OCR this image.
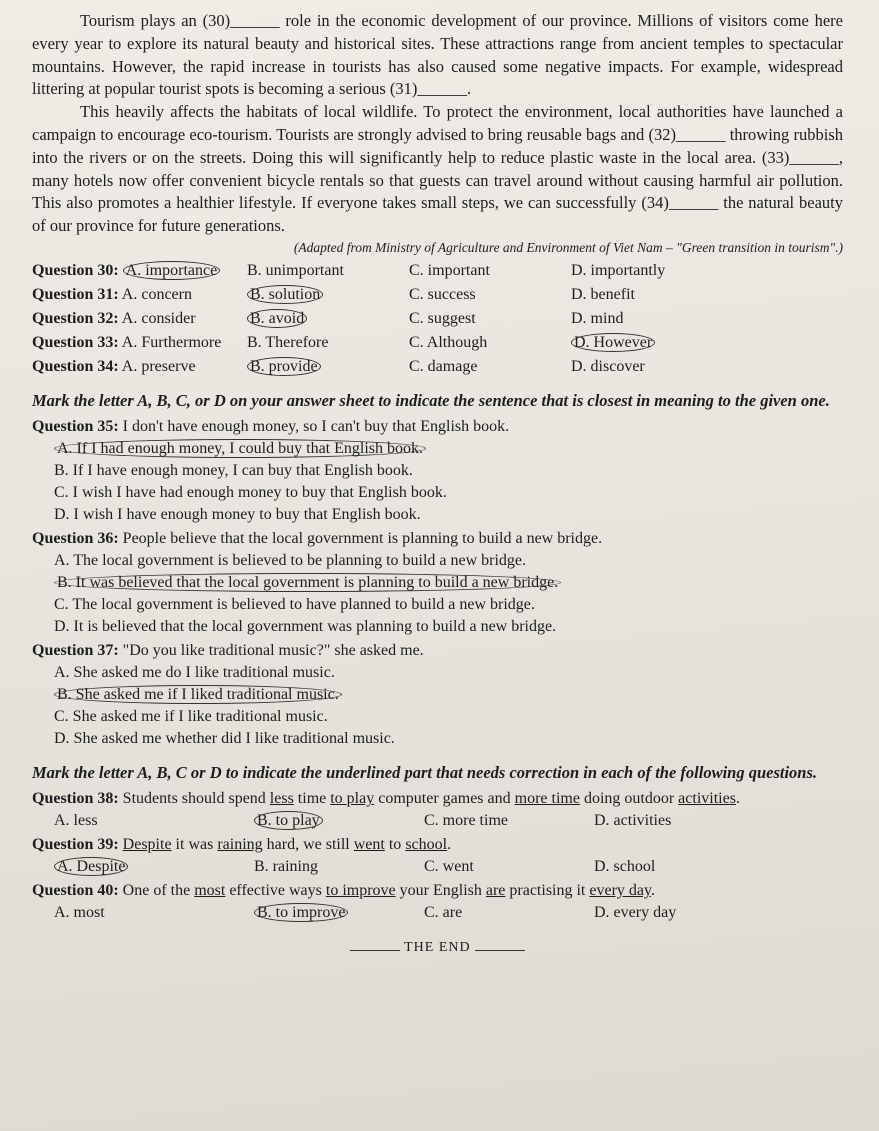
Tourism plays an (30)______ role in the economic development of our province. Millions of visitors come here every year to explore its natural beauty and historical sites. These attractions range from ancient temples to spectacular mountains. However, the rapid increase in tourists has also caused some negative impacts. For example, widespread littering at popular tourist spots is becoming a serious (31)______.

This heavily affects the habitats of local wildlife. To protect the environment, local authorities have launched a campaign to encourage eco-tourism. Tourists are strongly advised to bring reusable bags and (32)______ throwing rubbish into the rivers or on the streets. Doing this will significantly help to reduce plastic waste in the local area. (33)______, many hotels now offer convenient bicycle rentals so that guests can travel around without causing harmful air pollution. This also promotes a healthier lifestyle. If everyone takes small steps, we can successfully (34)______ the natural beauty of our province for future generations.

(Adapted from Ministry of Agriculture and Environment of Viet Nam – "Green transition in tourism".)

Question 30: A. importance	B. unimportant	C. important	D. importantly
Question 31: A. concern	B. solution	C. success	D. benefit
Question 32: A. consider	B. avoid	C. suggest	D. mind
Question 33: A. Furthermore	B. Therefore	C. Although	D. However
Question 34: A. preserve	B. provide	C. damage	D. discover
Mark the letter A, B, C, or D on your answer sheet to indicate the sentence that is closest in meaning to the given one.
Question 35: I don't have enough money, so I can't buy that English book.
A. If I had enough money, I could buy that English book.
B. If I have enough money, I can buy that English book.
C. I wish I have had enough money to buy that English book.
D. I wish I have enough money to buy that English book.
Question 36: People believe that the local government is planning to build a new bridge.
A. The local government is believed to be planning to build a new bridge.
B. It was believed that the local government is planning to build a new bridge.
C. The local government is believed to have planned to build a new bridge.
D. It is believed that the local government was planning to build a new bridge.
Question 37: "Do you like traditional music?" she asked me.
A. She asked me do I like traditional music.
B. She asked me if I liked traditional music.
C. She asked me if I like traditional music.
D. She asked me whether did I like traditional music.
Mark the letter A, B, C or D to indicate the underlined part that needs correction in each of the following questions.
Question 38: Students should spend less time to play computer games and more time doing outdoor activities.
A. less	B. to play	C. more time	D. activities
Question 39: Despite it was raining hard, we still went to school.
A. Despite	B. raining	C. went	D. school
Question 40: One of the most effective ways to improve your English are practising it every day.
A. most	B. to improve	C. are	D. every day
THE END
